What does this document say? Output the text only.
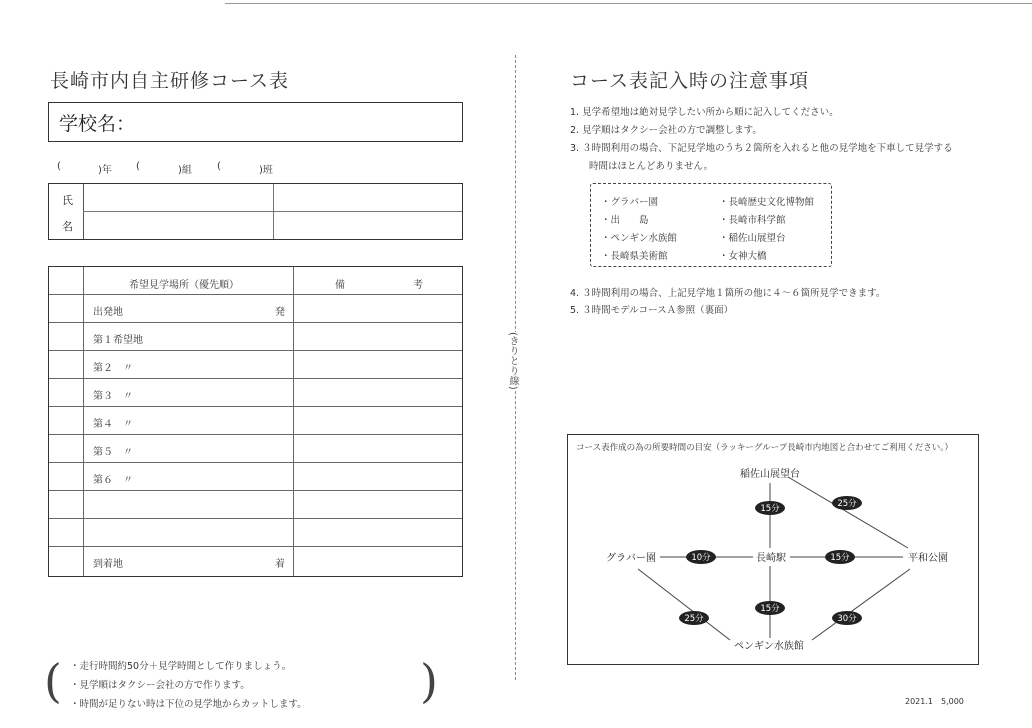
長崎市内自主研修コース表
学校名：
(	)年 (	)組	(	)班
氏
名
希望見学場所（優先順）	備	考
出発地	発
第１希望地
第２　〃
第３　〃
第４　〃
第５　〃
第６　〃
到着地	着
(	)
・走行時間約50分＋見学時間として作りましょう。
・見学順はタクシー会社の方で作ります。
・時間が足りない時は下位の見学地からカットします。
(きりとり線)
コース表記入時の注意事項
1. 見学希望地は絶対見学したい所から順に記入してください。
2. 見学順はタクシー会社の方で調整します。
3. ３時間利用の場合、下記見学地のうち２箇所を入れると他の見学地を下車して見学する
時間はほとんどありません。
・グラバー園
・出　　島
・ペンギン水族館
・長崎県美術館
・長崎歴史文化博物館
・長崎市科学館
・稲佐山展望台
・女神大橋
4. ３時間利用の場合、上記見学地１箇所の他に４〜６箇所見学できます。
5. ３時間モデルコースＡ参照（裏面）
コース表作成の為の所要時間の目安（ラッキーグループ長崎市内地図と合わせてご利用ください。）
稲佐山展望台
グラバー園	長崎駅	平和公園
ペンギン水族館
15分	25分
10分	15分
15分
25分	30分
2021.1　5,000
